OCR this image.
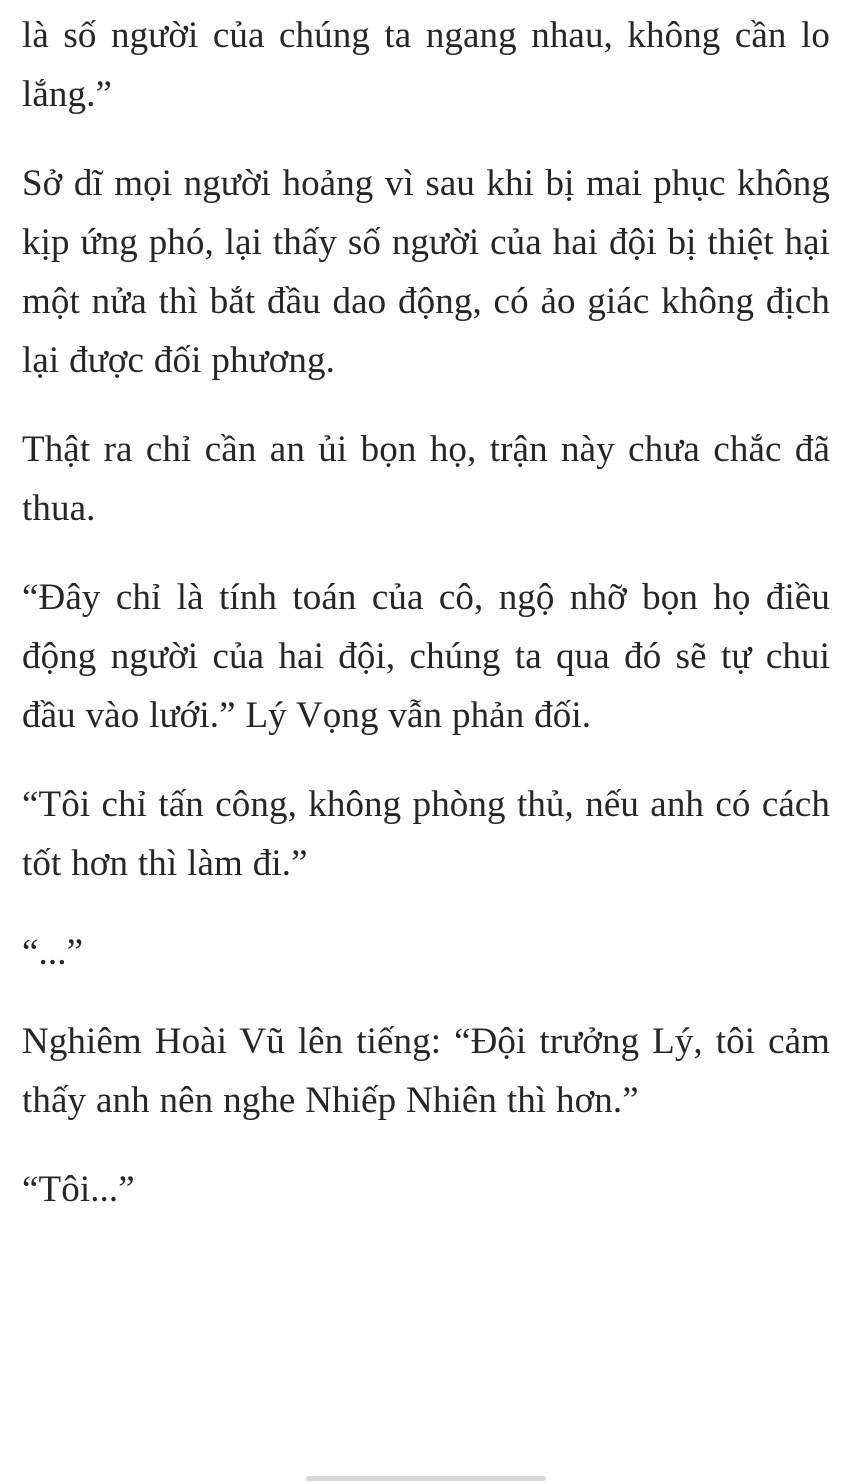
là số người của chúng ta ngang nhau, không cần lo lắng.”

Sở dĩ mọi người hoảng vì sau khi bị mai phục không kịp ứng phó, lại thấy số người của hai đội bị thiệt hại một nửa thì bắt đầu dao động, có ảo giác không địch lại được đối phương.

Thật ra chỉ cần an ủi bọn họ, trận này chưa chắc đã thua.

“Đây chỉ là tính toán của cô, ngộ nhỡ bọn họ điều động người của hai đội, chúng ta qua đó sẽ tự chui đầu vào lưới.” Lý Vọng vẫn phản đối.

“Tôi chỉ tấn công, không phòng thủ, nếu anh có cách tốt hơn thì làm đi.”

“...”

Nghiêm Hoài Vũ lên tiếng: “Đội trưởng Lý, tôi cảm thấy anh nên nghe Nhiếp Nhiên thì hơn.”

“Tôi...”
